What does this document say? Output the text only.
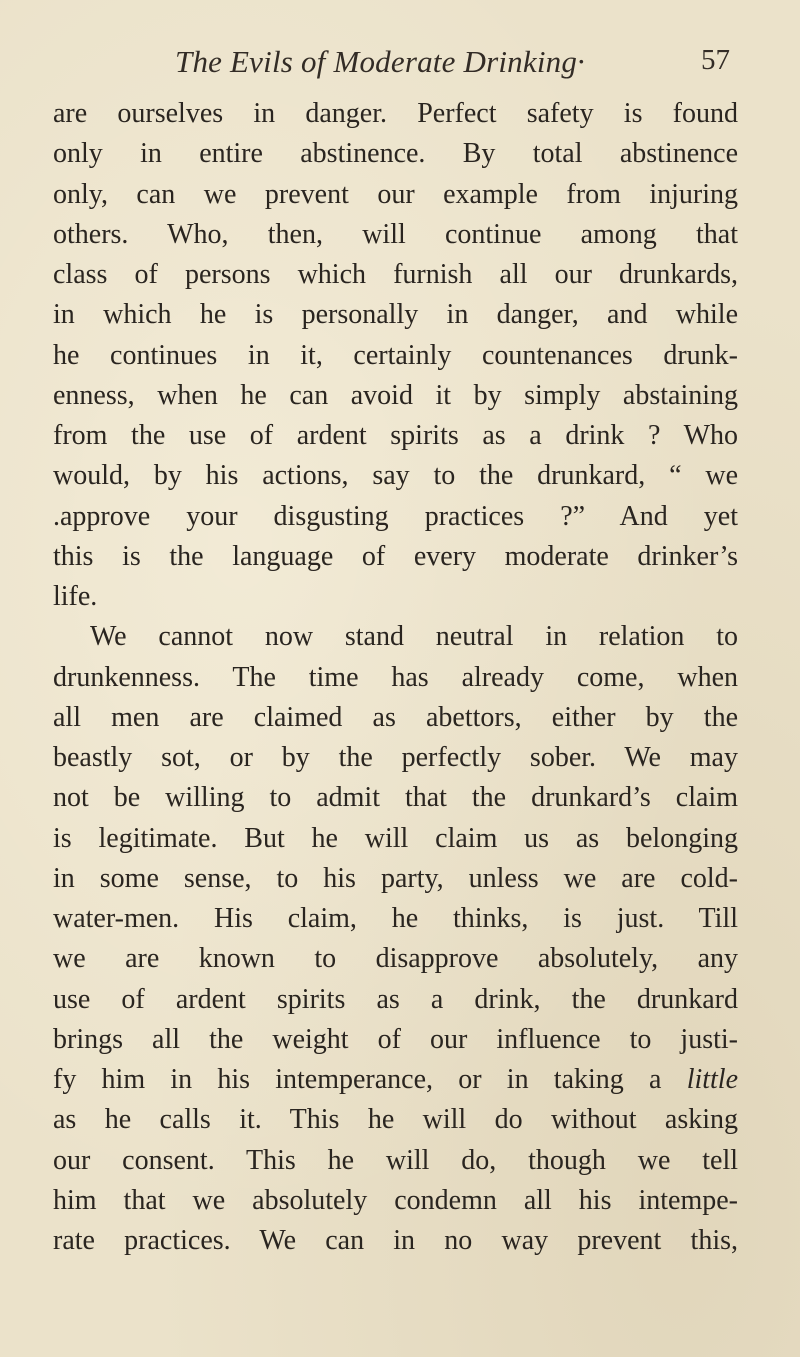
The Evils of Moderate Drinking·	57
are ourselves in danger. Perfect safety is found
only in entire abstinence. By total abstinence
only, can we prevent our example from injuring
others. Who, then, will continue among that
class of persons which furnish all our drunkards,
in which he is personally in danger, and while
he continues in it, certainly countenances drunk-
enness, when he can avoid it by simply abstaining
from the use of ardent spirits as a drink ? Who
would, by his actions, say to the drunkard, “ we
.approve your disgusting practices ?” And yet
this is the language of every moderate drinker’s
life.
We cannot now stand neutral in relation to
drunkenness. The time has already come, when
all men are claimed as abettors, either by the
beastly sot, or by the perfectly sober. We may
not be willing to admit that the drunkard’s claim
is legitimate. But he will claim us as belonging
in some sense, to his party, unless we are cold-
water-men. His claim, he thinks, is just. Till
we are known to disapprove absolutely, any
use of ardent spirits as a drink, the drunkard
brings all the weight of our influence to justi-
fy him in his intemperance, or in taking a little
as he calls it. This he will do without asking
our consent. This he will do, though we tell
him that we absolutely condemn all his intempe-
rate practices. We can in no way prevent this,
